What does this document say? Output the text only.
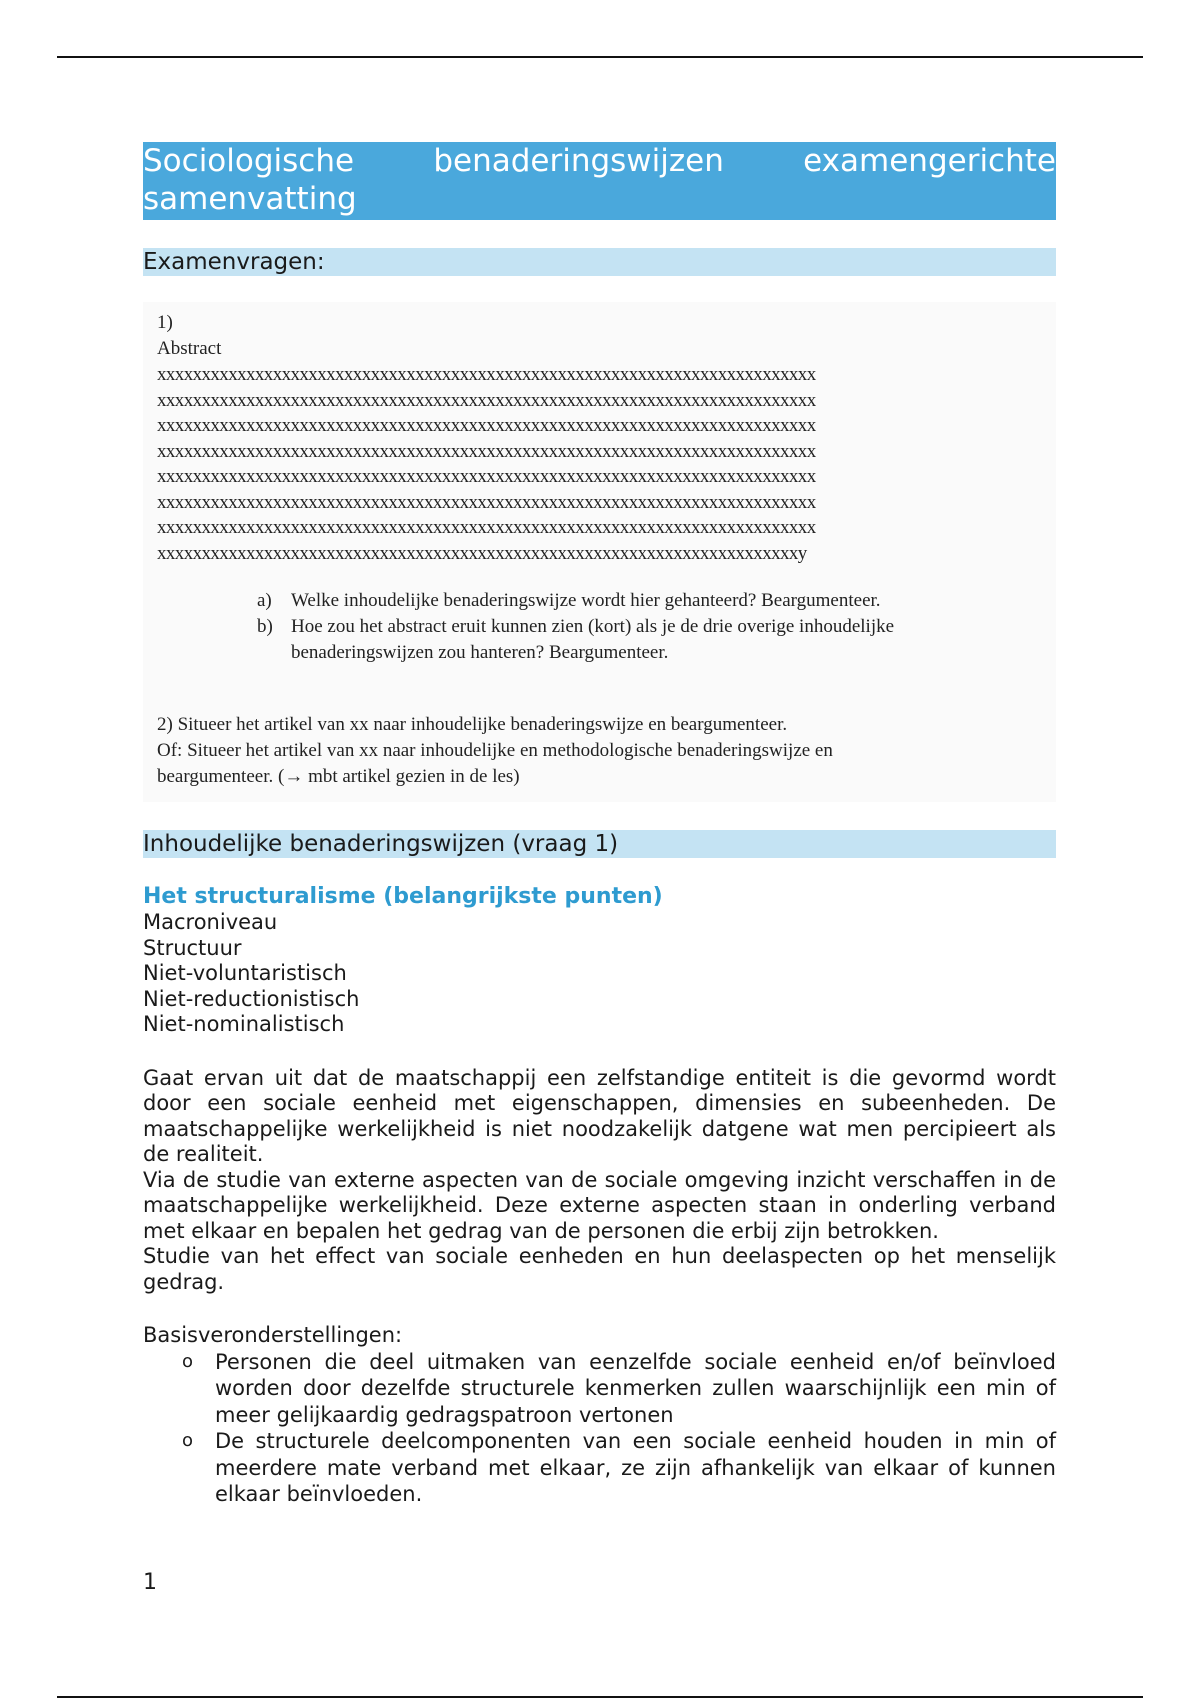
Sociologische	benaderingswijzen	examengerichte
samenvatting
Examenvragen:
1)
Abstract
xxxxxxxxxxxxxxxxxxxxxxxxxxxxxxxxxxxxxxxxxxxxxxxxxxxxxxxxxxxxxxxxxxxxxxxxxx
xxxxxxxxxxxxxxxxxxxxxxxxxxxxxxxxxxxxxxxxxxxxxxxxxxxxxxxxxxxxxxxxxxxxxxxxxx
xxxxxxxxxxxxxxxxxxxxxxxxxxxxxxxxxxxxxxxxxxxxxxxxxxxxxxxxxxxxxxxxxxxxxxxxxx
xxxxxxxxxxxxxxxxxxxxxxxxxxxxxxxxxxxxxxxxxxxxxxxxxxxxxxxxxxxxxxxxxxxxxxxxxx
xxxxxxxxxxxxxxxxxxxxxxxxxxxxxxxxxxxxxxxxxxxxxxxxxxxxxxxxxxxxxxxxxxxxxxxxxx
xxxxxxxxxxxxxxxxxxxxxxxxxxxxxxxxxxxxxxxxxxxxxxxxxxxxxxxxxxxxxxxxxxxxxxxxxx
xxxxxxxxxxxxxxxxxxxxxxxxxxxxxxxxxxxxxxxxxxxxxxxxxxxxxxxxxxxxxxxxxxxxxxxxxx
xxxxxxxxxxxxxxxxxxxxxxxxxxxxxxxxxxxxxxxxxxxxxxxxxxxxxxxxxxxxxxxxxxxxxxxxy
a)	Welke inhoudelijke benaderingswijze wordt hier gehanteerd? Beargumenteer.
b) Hoe zou het abstract eruit kunnen zien (kort) als je de drie overige inhoudelijke
benaderingswijzen zou hanteren? Beargumenteer.
2) Situeer het artikel van xx naar inhoudelijke benaderingswijze en beargumenteer.
Of: Situeer het artikel van xx naar inhoudelijke en methodologische benaderingswijze en
beargumenteer. (→ mbt artikel gezien in de les)
Inhoudelijke benaderingswijzen (vraag 1)
Het structuralisme (belangrijkste punten)
Macroniveau
Structuur
Niet-voluntaristisch
Niet-reductionistisch
Niet-nominalistisch
Gaat ervan uit dat de maatschappij een zelfstandige entiteit is die gevormd wordt door een sociale eenheid met eigenschappen, dimensies en subeenheden. De maatschappelijke werkelijkheid is niet noodzakelijk datgene wat men percipieert als de realiteit.
Via de studie van externe aspecten van de sociale omgeving inzicht verschaffen in de maatschappelijke werkelijkheid. Deze externe aspecten staan in onderling verband met elkaar en bepalen het gedrag van de personen die erbij zijn betrokken.
Studie van het effect van sociale eenheden en hun deelaspecten op het menselijk gedrag.
Basisveronderstellingen:
o	Personen die deel uitmaken van eenzelfde sociale eenheid en/of beïnvloed worden door dezelfde structurele kenmerken zullen waarschijnlijk een min of meer gelijkaardig gedragspatroon vertonen
o	De structurele deelcomponenten van een sociale eenheid houden in min of meerdere mate verband met elkaar, ze zijn afhankelijk van elkaar of kunnen elkaar beïnvloeden.
1
